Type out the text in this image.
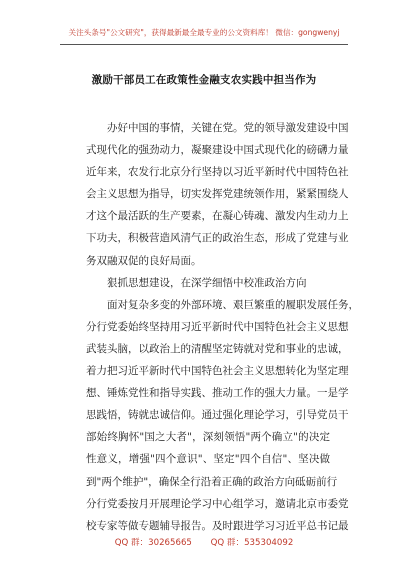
关注头条号"公文研究"，获得最新最全最专业的公文资料库！ 微信：gongwenyj
激励干部员工在政策性金融支农实践中担当作为
办好中国的事情，关键在党。党的领导激发建设中国
式现代化的强劲动力，凝聚建设中国式现代化的磅礴力量
近年来，农发行北京分行坚持以习近平新时代中国特色社
会主义思想为指导，切实发挥党建统领作用，紧紧围绕人
才这个最活跃的生产要素，在凝心铸魂、激发内生动力上
下功夫，积极营造风清气正的政治生态，形成了党建与业
务双融双促的良好局面。
狠抓思想建设，在深学细悟中校准政治方向
面对复杂多变的外部环境、艰巨繁重的履职发展任务，
分行党委始终坚持用习近平新时代中国特色社会主义思想
武装头脑，以政治上的清醒坚定铸就对党和事业的忠诚，
着力把习近平新时代中国特色社会主义思想转化为坚定理
想、锤炼党性和指导实践、推动工作的强大力量。一是学
思践悟，铸就忠诚信仰。通过强化理论学习，引导党员干
部始终胸怀"国之大者"，深刻领悟"两个确立"的决定
性意义，增强"四个意识"、坚定"四个自信"、坚决做
到"两个维护"，确保全行沿着正确的政治方向砥砺前行
分行党委按月开展理论学习中心组学习，邀请北京市委党
校专家等做专题辅导报告。及时跟进学习习近平总书记最
QQ 群：30265665 QQ 群：535304092
